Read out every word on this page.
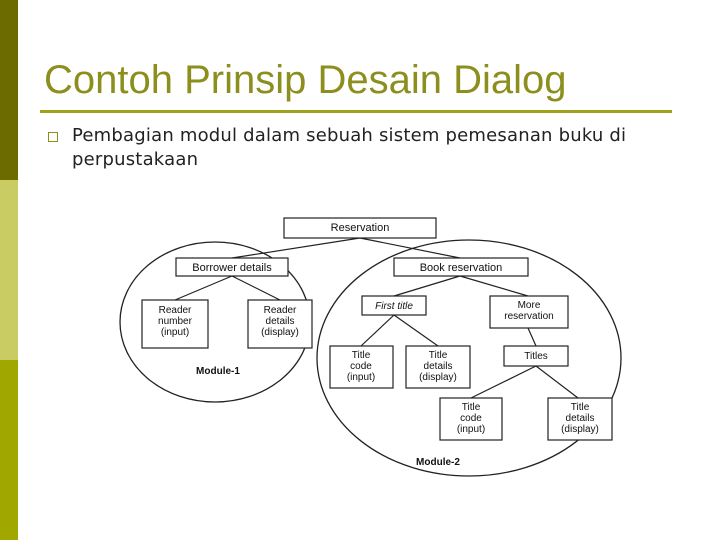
Contoh Prinsip Desain Dialog
Pembagian modul dalam sebuah sistem pemesanan buku di perpustakaan
Reservation
Borrower details	Book reservation
Reader
number
(input)
Reader
details
(display)
First title	More
reservation
Title
code
(input)
Title
details
(display)
Titles
Title
code
(input)
Title
details
(display)
Module-1
Module-2
